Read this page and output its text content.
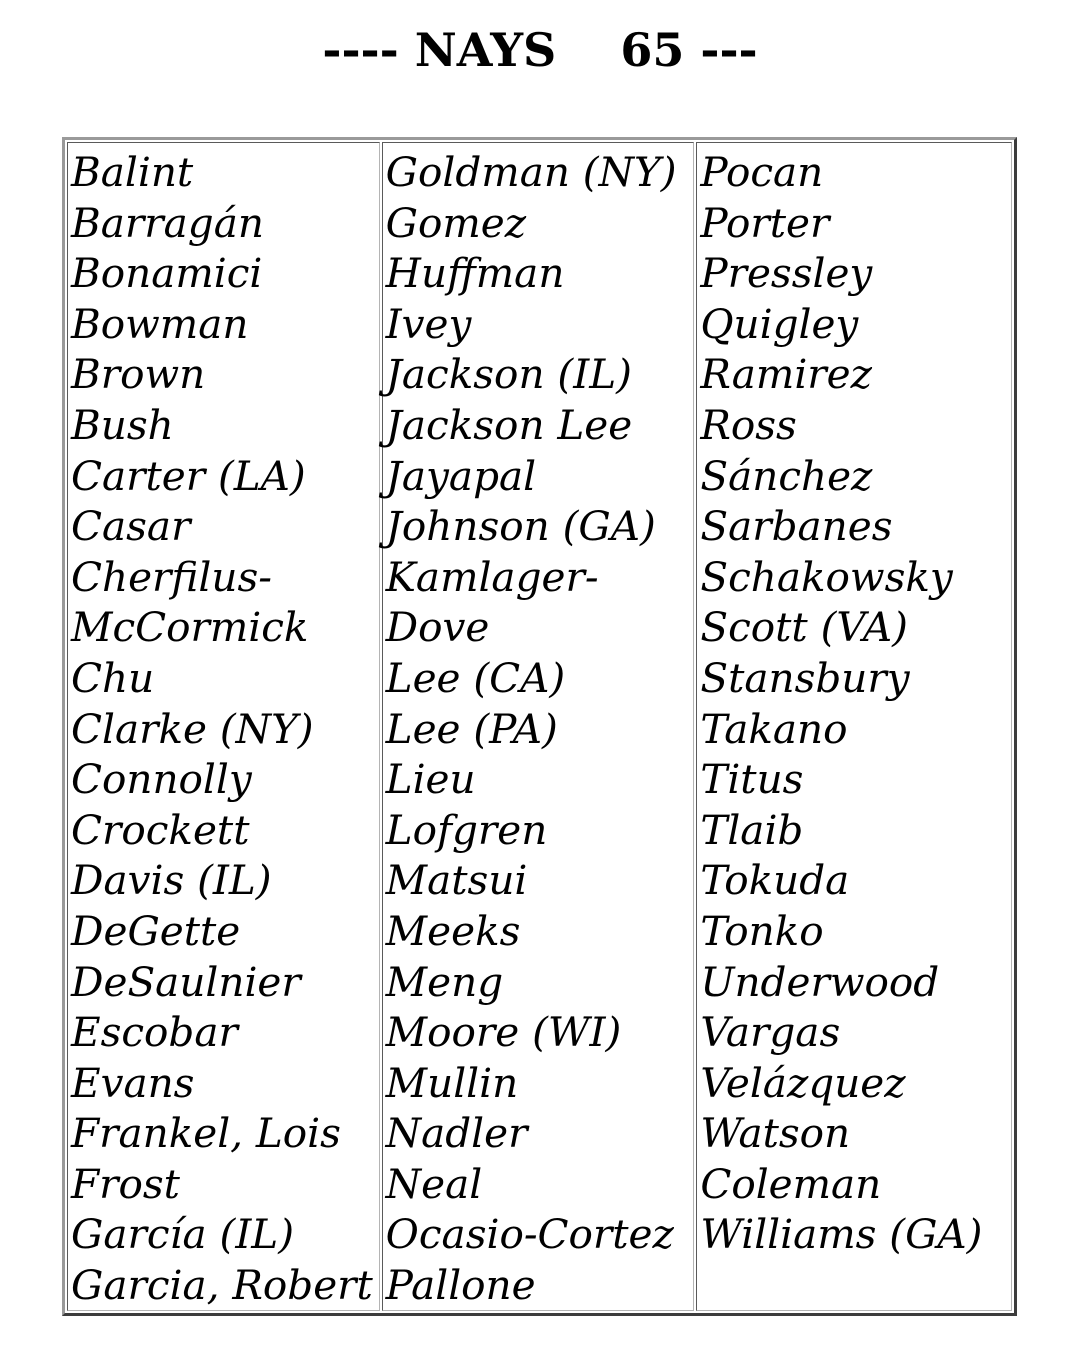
---- NAYS    65 ---
Balint
Barragán
Bonamici
Bowman
Brown
Bush
Carter (LA)
Casar
Cherfilus-
McCormick
Chu
Clarke (NY)
Connolly
Crockett
Davis (IL)
DeGette
DeSaulnier
Escobar
Evans
Frankel, Lois
Frost
García (IL)
Garcia, Robert
Goldman (NY)
Gomez
Huffman
Ivey
Jackson (IL)
Jackson Lee
Jayapal
Johnson (GA)
Kamlager-
Dove
Lee (CA)
Lee (PA)
Lieu
Lofgren
Matsui
Meeks
Meng
Moore (WI)
Mullin
Nadler
Neal
Ocasio-Cortez
Pallone
Pocan
Porter
Pressley
Quigley
Ramirez
Ross
Sánchez
Sarbanes
Schakowsky
Scott (VA)
Stansbury
Takano
Titus
Tlaib
Tokuda
Tonko
Underwood
Vargas
Velázquez
Watson
Coleman
Williams (GA)
